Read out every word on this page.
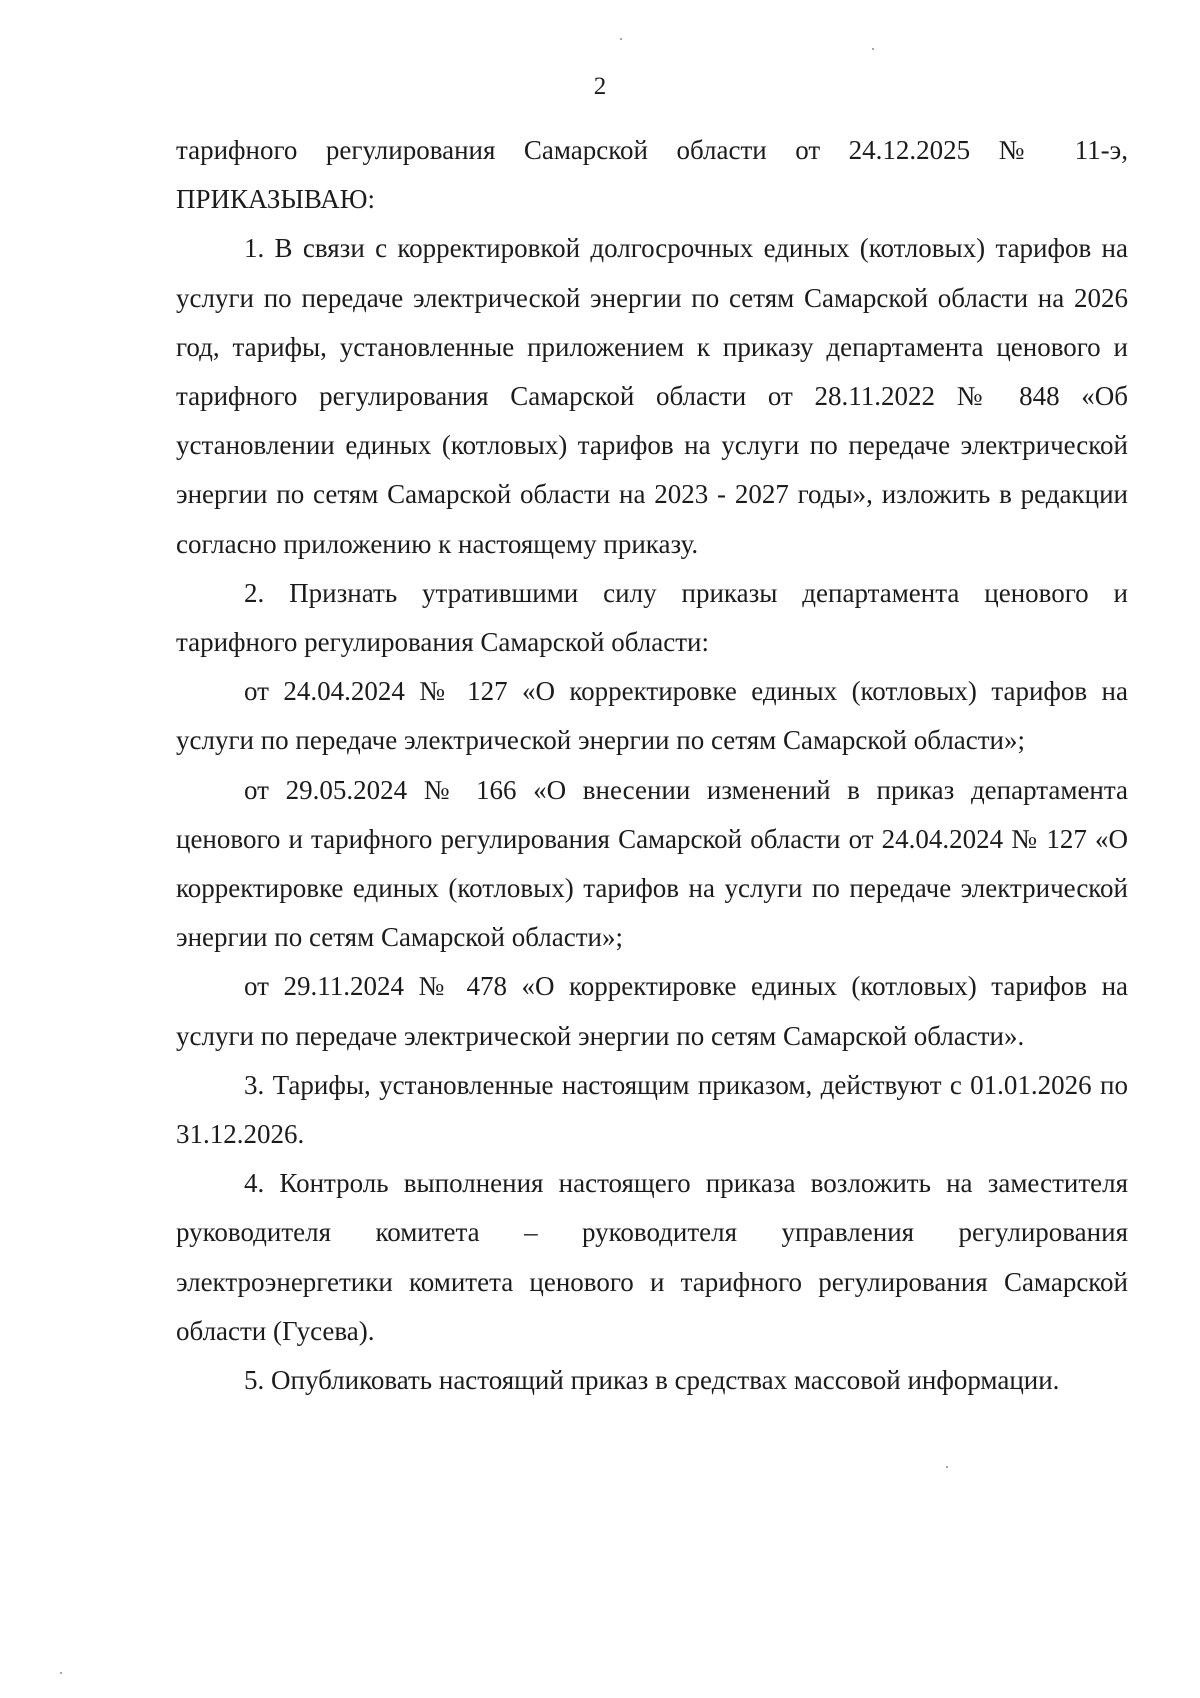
2

тарифного регулирования Самарской области от 24.12.2025 № 11-э, ПРИКАЗЫВАЮ:

1. В связи с корректировкой долгосрочных единых (котловых) тарифов на услуги по передаче электрической энергии по сетям Самарской области на 2026 год, тарифы, установленные приложением к приказу департамента ценового и тарифного регулирования Самарской области от 28.11.2022 № 848 «Об установлении единых (котловых) тарифов на услуги по передаче электрической энергии по сетям Самарской области на 2023 - 2027 годы», изложить в редакции согласно приложению к настоящему приказу.

2. Признать утратившими силу приказы департамента ценового и тарифного регулирования Самарской области:

от 24.04.2024 № 127 «О корректировке единых (котловых) тарифов на услуги по передаче электрической энергии по сетям Самарской области»;

от 29.05.2024 № 166 «О внесении изменений в приказ департамента ценового и тарифного регулирования Самарской области от 24.04.2024 № 127 «О корректировке единых (котловых) тарифов на услуги по передаче электрической энергии по сетям Самарской области»;

от 29.11.2024 № 478 «О корректировке единых (котловых) тарифов на услуги по передаче электрической энергии по сетям Самарской области».

3. Тарифы, установленные настоящим приказом, действуют с 01.01.2026 по 31.12.2026.

4. Контроль выполнения настоящего приказа возложить на заместителя руководителя комитета – руководителя управления регулирования электроэнергетики комитета ценового и тарифного регулирования Самарской области (Гусева).

5. Опубликовать настоящий приказ в средствах массовой информации.
